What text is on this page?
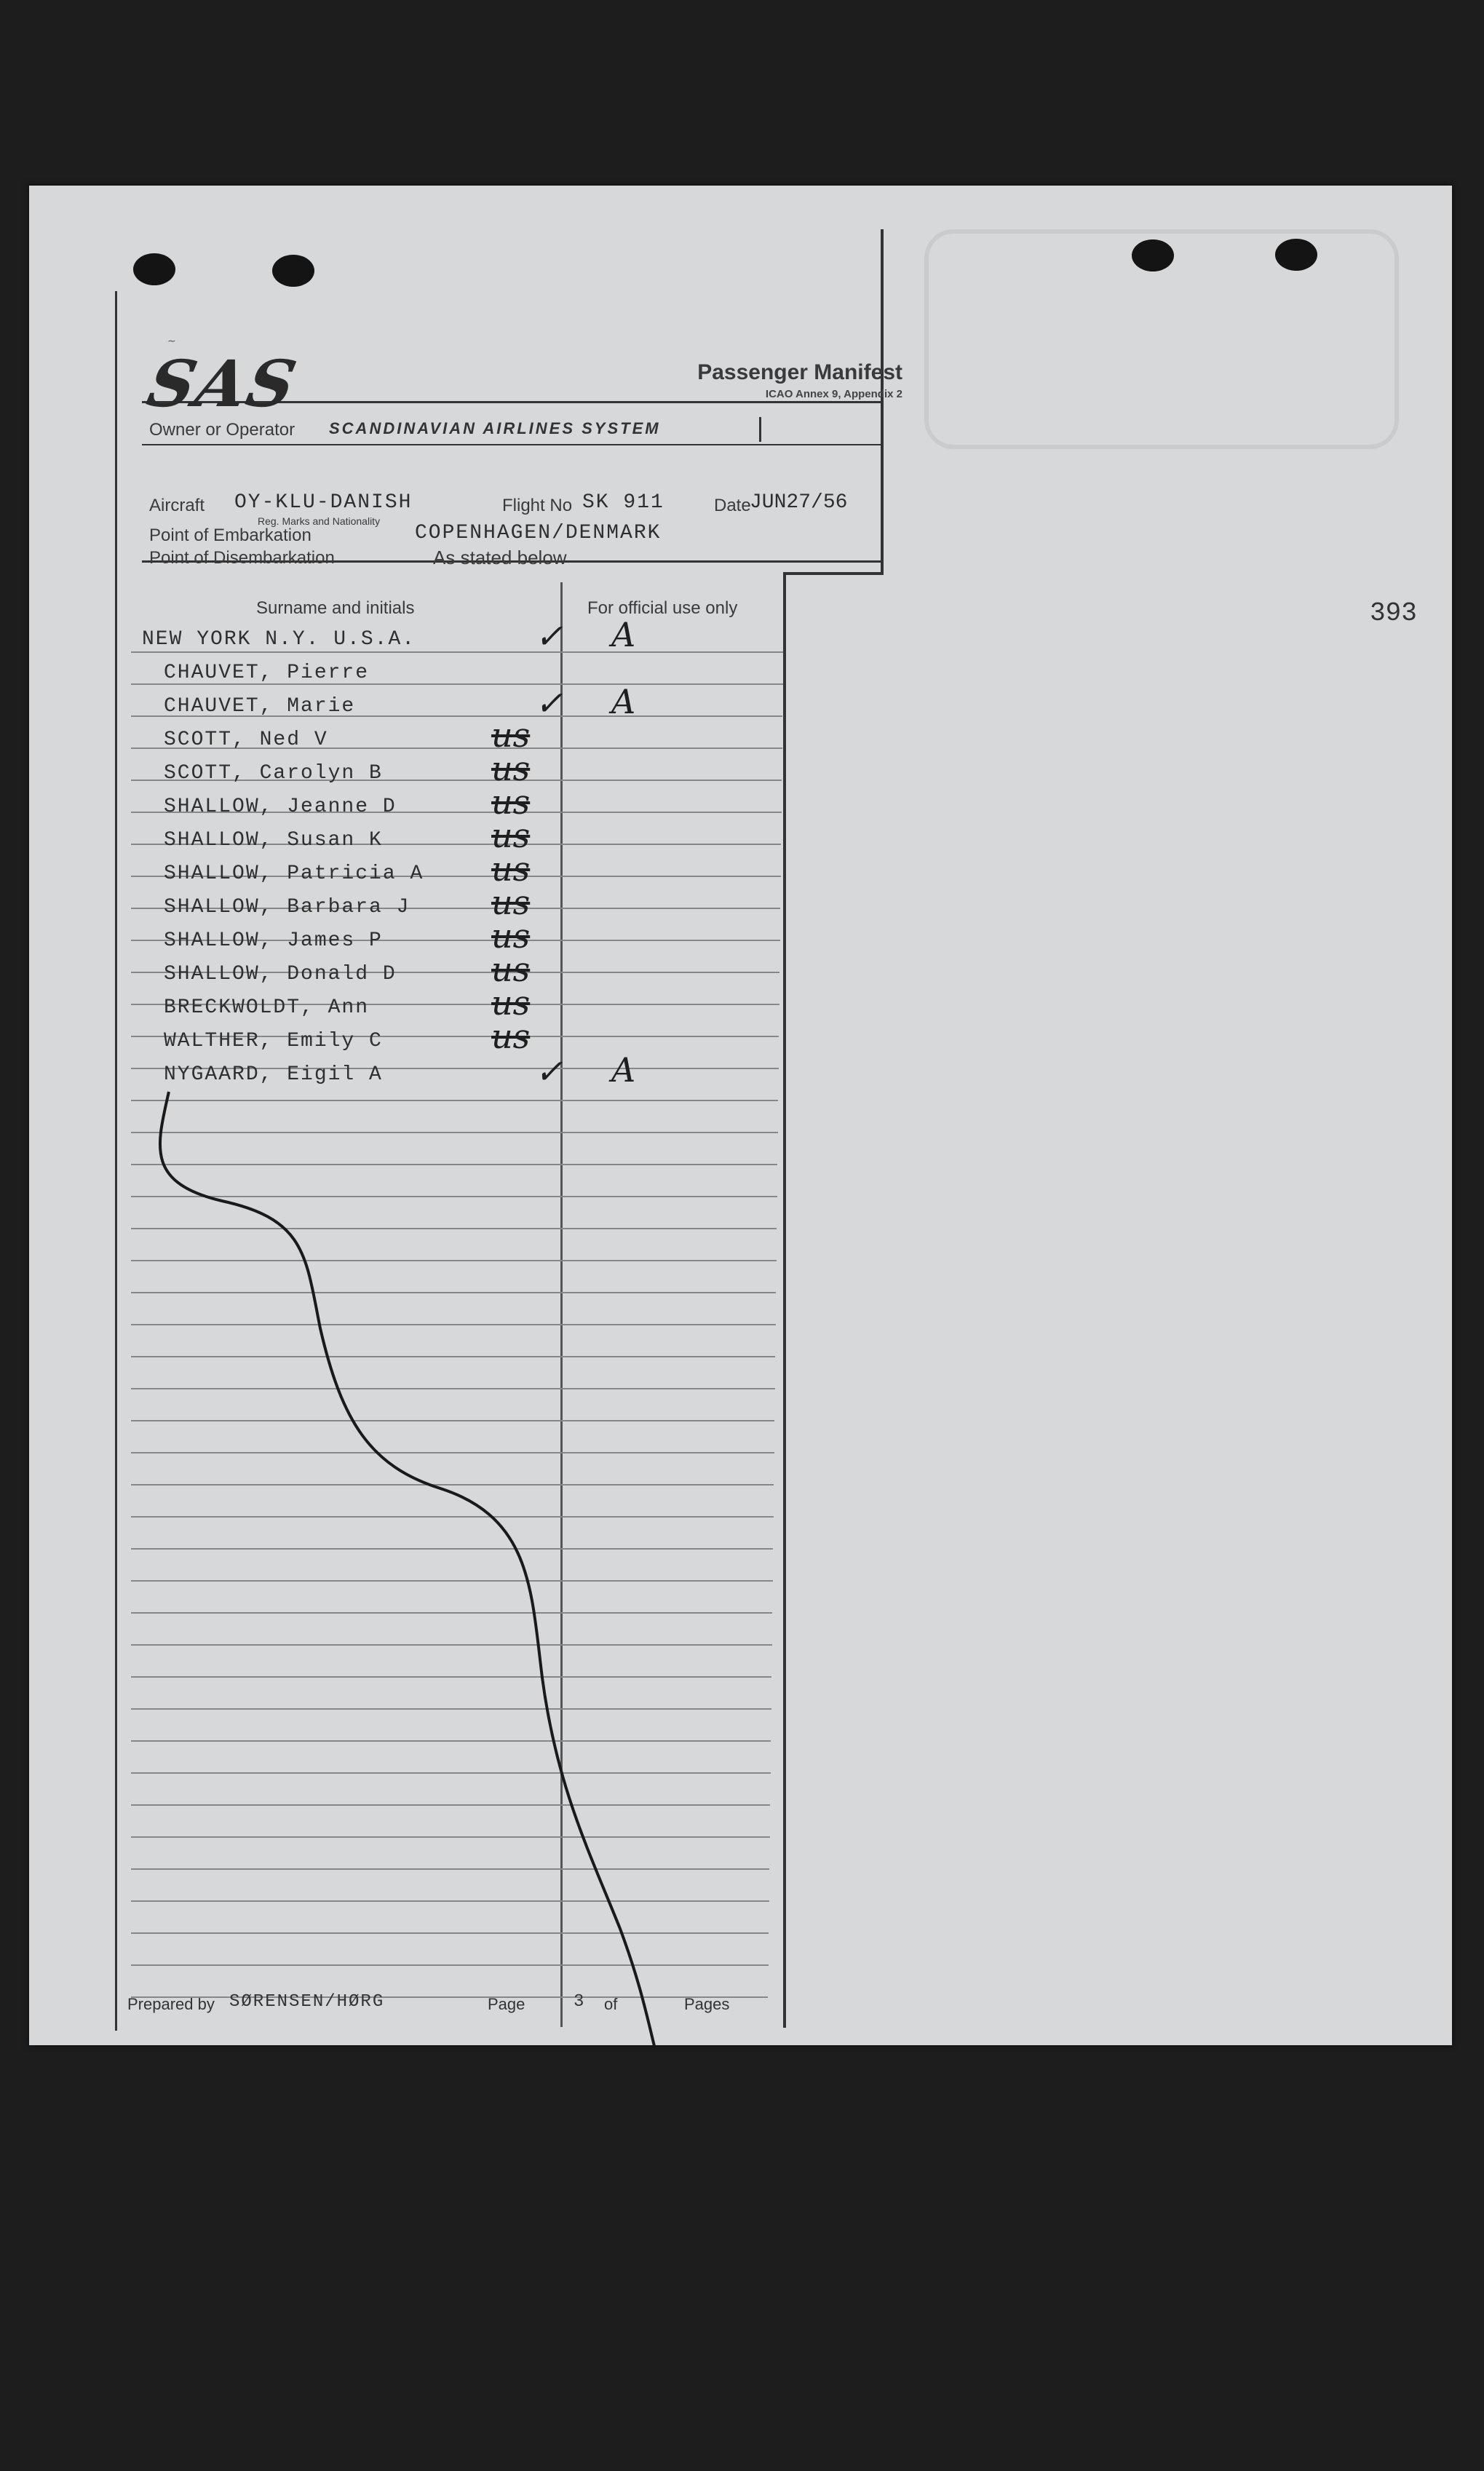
∼
SAS	Passenger Manifest
ICAO Annex 9, Appendix 2
Owner or Operator SCANDINAVIAN AIRLINES SYSTEM
Aircraft OY-KLU-DANISH
Reg. Marks and Nationality
Flight No SK 911	Date
JUN27/56
Point of Embarkation	COPENHAGEN/DENMARK
Point of Disembarkation	As stated below
Surname and initials	For official use only
NEW YORK N.Y. U.S.A.	✓ A
CHAUVET, Pierre
CHAUVET, Marie	✓ A
SCOTT, Ned V	us
SCOTT, Carolyn B	us
SHALLOW, Jeanne D	us
SHALLOW, Susan K	us
SHALLOW, Patricia A us
SHALLOW, Barbara J us
SHALLOW, James P	us
SHALLOW, Donald D	us
BRECKWOLDT, Ann	us
WALTHER, Emily C	us
NYGAARD, Eigil A	✓ A
393
Prepared by SØRENSEN/HØRG	Page	3 of	Pages
